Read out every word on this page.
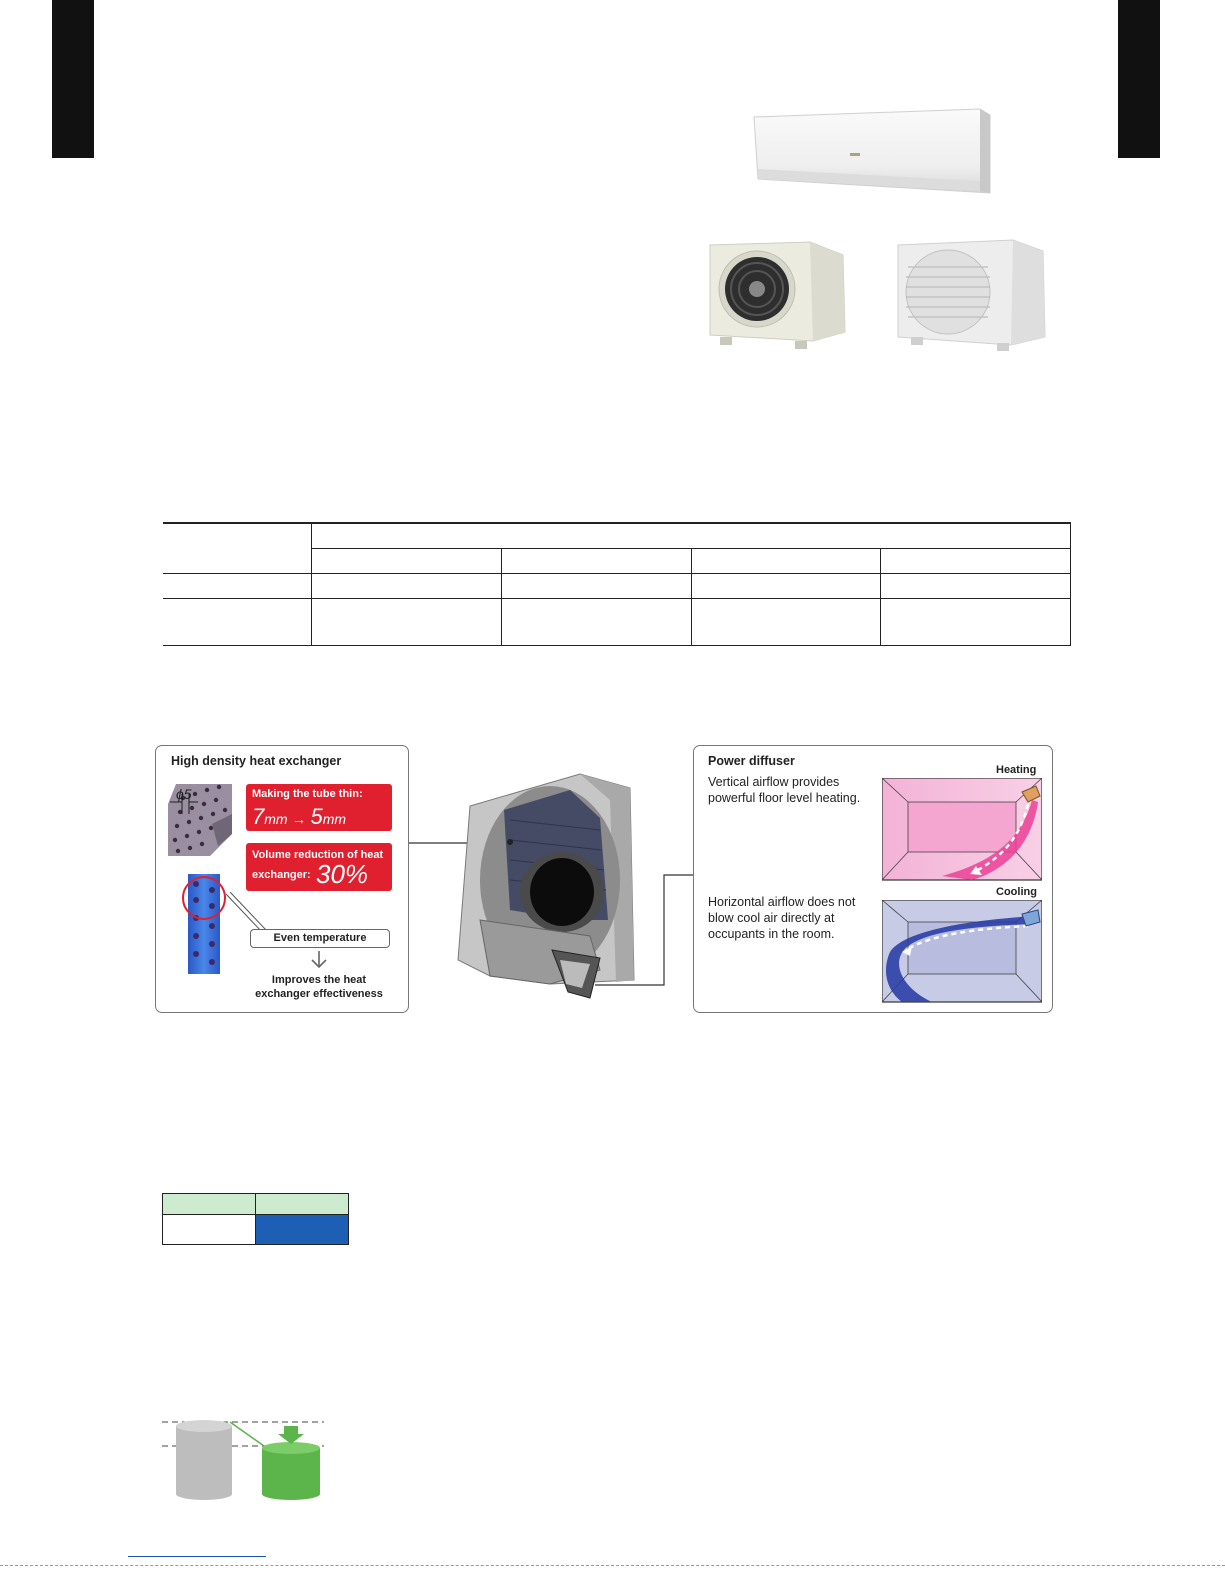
High density heat exchanger
ϕ5	Making the tube thin:
7mm → 5mm
Volume reduction of heat
exchanger: 30%
Even temperature
Improves the heat
exchanger effectiveness
Power diffuser
Vertical airflow provides
powerful floor level heating.
Heating
Horizontal airflow does not
blow cool air directly at
occupants in the room.
Cooling
